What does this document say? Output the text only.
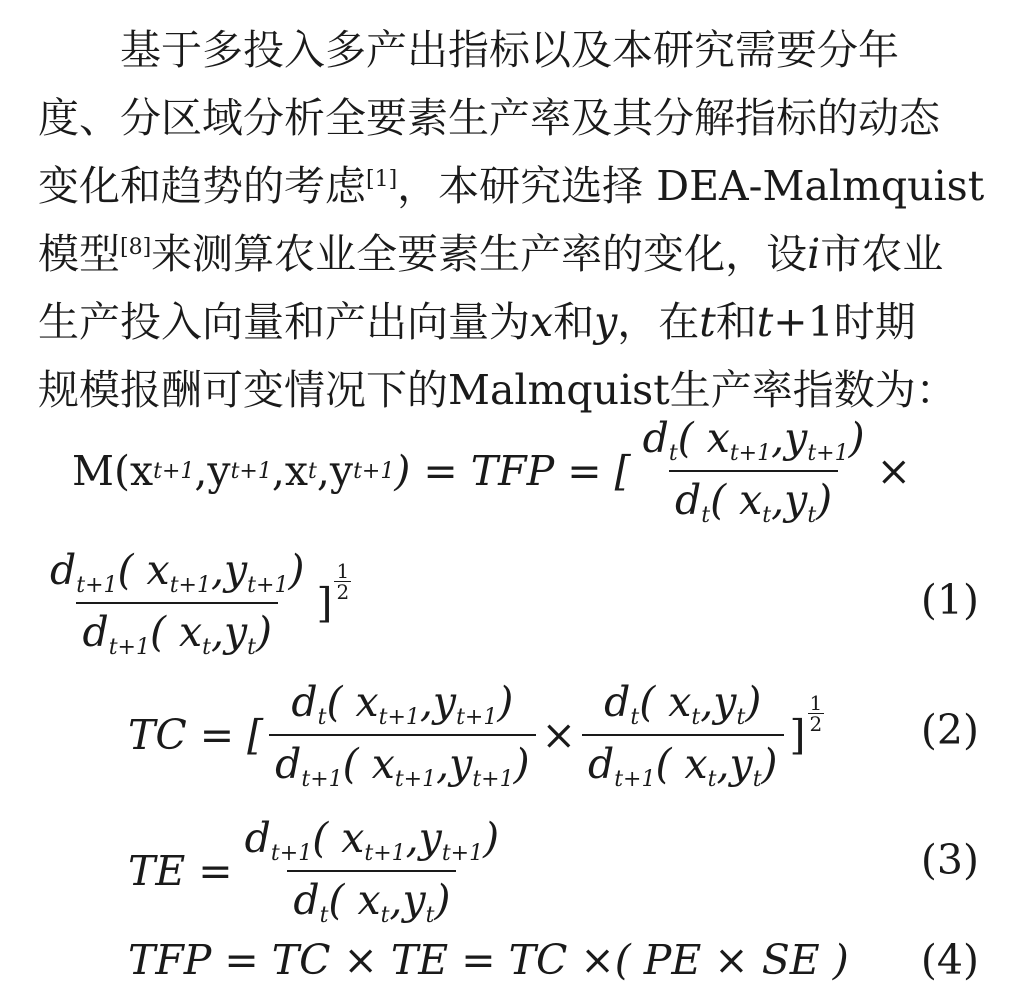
基于多投入多产出指标以及本研究需要分年
度、分区域分析全要素生产率及其分解指标的动态
变化和趋势的考虑[1]，本研究选择 DEA-Malmquist
模型[8]来测算农业全要素生产率的变化，设i市农业
生产投入向量和产出向量为x和y，在t和t+1时期
规模报酬可变情况下的Malmquist生产率指数为：
M(x t+1 ,y t+1 ,x t ,y t+1 ) = TFP = [ $\frac{d_t( x_{t+1},y_{t+1})}{d_t( x_t,y_t)}$ ×
$\frac{d_{t+1}( x_{t+1},y_{t+1})}{d_{t+1}( x_t,y_t)}$ ] $\frac{1}{2}$	(1)
TC = [ $\frac{d_t( x_{t+1},y_{t+1})}{d_{t+1}( x_{t+1},y_{t+1})} \times \frac{d_t( x_t,y_t)}{d_{t+1}( x_t,y_t)}$ ] $\frac{1}{2} (2)$
TE = $\frac{d_{t+1}( x_{t+1},y_{t+1})}{d_t( x_t,y_t)}$	(3)
TFP = TC × TE = TC ×( PE × SE ) (4)
